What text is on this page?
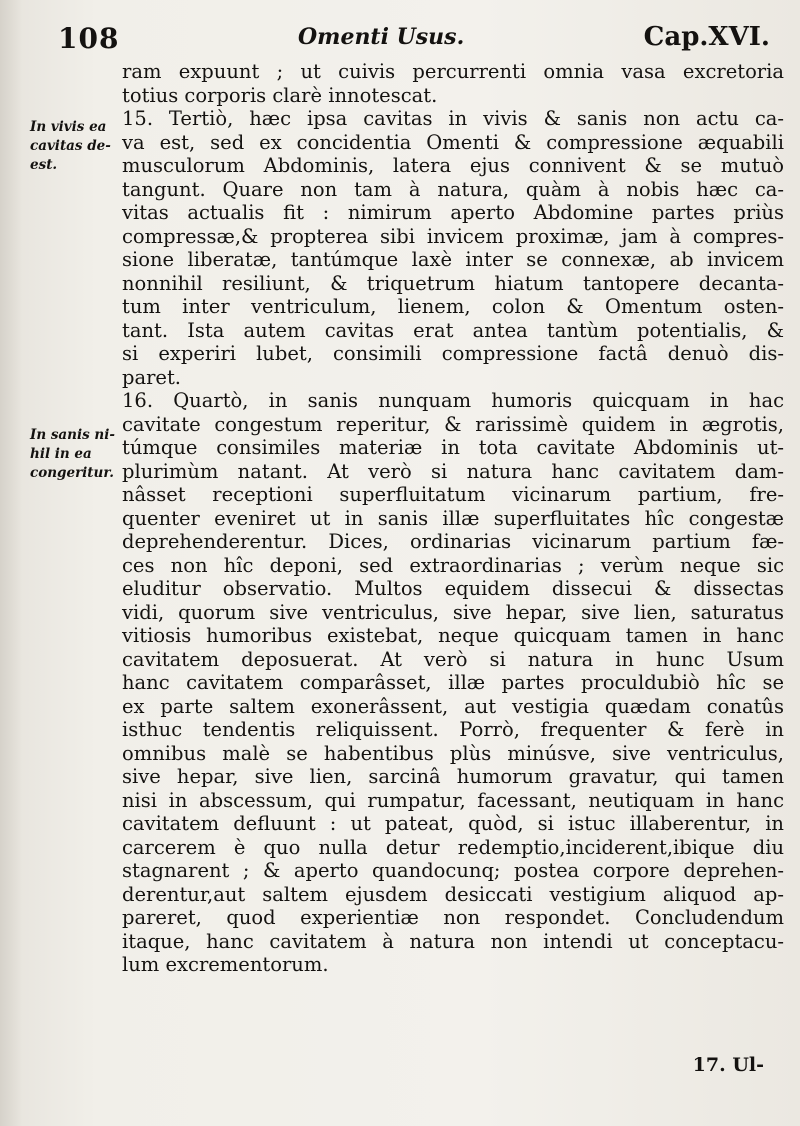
108	Omenti Usus.	Cap.XVI.
In vivis ea
cavitas de-
est.
In sanis ni-
hil in ea
congeritur.
ram expuunt ; ut cuivis percurrenti omnia vasa excretoria
totius corporis clarè innotescat.
15. Tertiò, hæc ipsa cavitas in vivis & sanis non actu ca-
va est, sed ex concidentia Omenti & compressione æquabili
musculorum Abdominis, latera ejus connivent & se mutuò
tangunt. Quare non tam à natura, quàm à nobis hæc ca-
vitas actualis fit : nimirum aperto Abdomine partes priùs
compressæ,& propterea sibi invicem proximæ, jam à compres-
sione liberatæ, tantúmque laxè inter se connexæ, ab invicem
nonnihil resiliunt, & triquetrum hiatum tantopere decanta-
tum inter ventriculum, lienem, colon & Omentum osten-
tant. Ista autem cavitas erat antea tantùm potentialis, &
si experiri lubet, consimili compressione factâ denuò dis-
paret.
16. Quartò, in sanis nunquam humoris quicquam in hac
cavitate congestum reperitur, & rarissimè quidem in ægrotis,
túmque consimiles materiæ in tota cavitate Abdominis ut-
plurimùm natant. At verò si natura hanc cavitatem dam-
nâsset receptioni superfluitatum vicinarum partium, fre-
quenter eveniret ut in sanis illæ superfluitates hîc congestæ
deprehenderentur. Dices, ordinarias vicinarum partium fæ-
ces non hîc deponi, sed extraordinarias ; verùm neque sic
eluditur observatio. Multos equidem dissecui & dissectas
vidi, quorum sive ventriculus, sive hepar, sive lien, saturatus
vitiosis humoribus existebat, neque quicquam tamen in hanc
cavitatem deposuerat. At verò si natura in hunc Usum
hanc cavitatem comparâsset, illæ partes proculdubiò hîc se
ex parte saltem exonerâssent, aut vestigia quædam conatûs
isthuc tendentis reliquissent. Porrò, frequenter & ferè in
omnibus malè se habentibus plùs minúsve, sive ventriculus,
sive hepar, sive lien, sarcinâ humorum gravatur, qui tamen
nisi in abscessum, qui rumpatur, facessant, neutiquam in hanc
cavitatem defluunt : ut pateat, quòd, si istuc illaberentur, in
carcerem è quo nulla detur redemptio,inciderent,ibique diu
stagnarent ; & aperto quandocunq; postea corpore deprehen-
derentur,aut saltem ejusdem desiccati vestigium aliquod ap-
pareret, quod experientiæ non respondet. Concludendum
itaque, hanc cavitatem à natura non intendi ut conceptacu-
lum excrementorum.
17. Ul-
